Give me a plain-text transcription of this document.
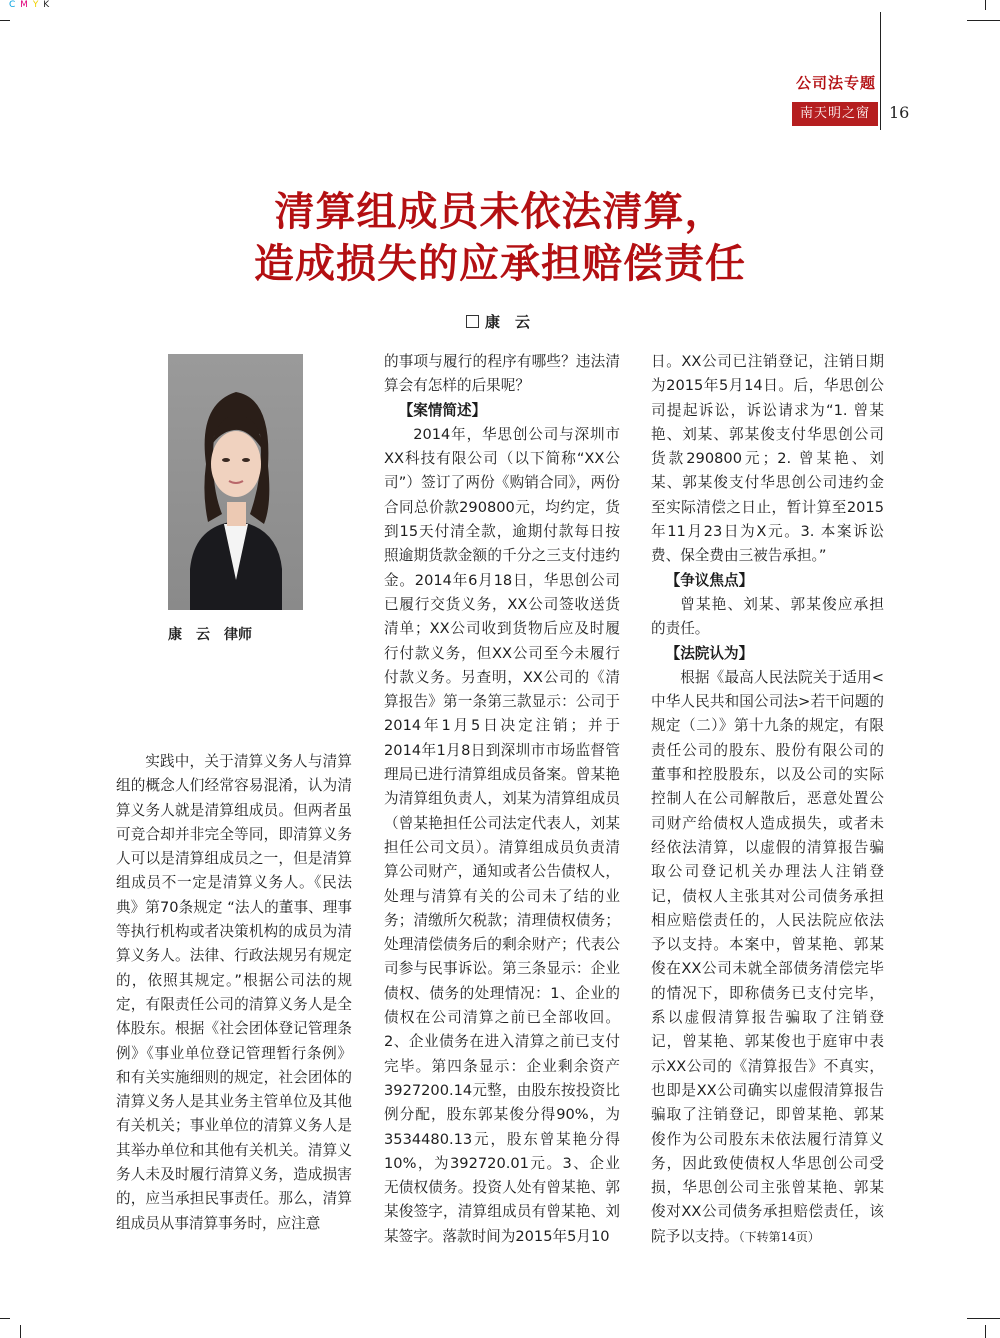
C M Y K
公司法专题
南天明之窗	16
清算组成员未依法清算，
造成损失的应承担赔偿责任
康　云
康　云　律师

实践中，关于清算义务人与清算组的概念人们经常容易混淆，认为清算义务人就是清算组成员。但两者虽可竞合却并非完全等同，即清算义务人可以是清算组成员之一，但是清算组成员不一定是清算义务人。《民法典》第70条规定 “法人的董事、理事等执行机构或者决策机构的成员为清算义务人。法律、行政法规另有规定的，依照其规定。”根据公司法的规定，有限责任公司的清算义务人是全体股东。根据《社会团体登记管理条例》《事业单位登记管理暂行条例》和有关实施细则的规定，社会团体的清算义务人是其业务主管单位及其他有关机关；事业单位的清算义务人是其举办单位和其他有关机关。清算义务人未及时履行清算义务，造成损害的，应当承担民事责任。那么，清算组成员从事清算事务时，应注意

的事项与履行的程序有哪些？违法清算会有怎样的后果呢？

【案情简述】

2014年，华思创公司与深圳市XX科技有限公司（以下简称“XX公司”）签订了两份《购销合同》，两份合同总价款290800元，均约定，货到15天付清全款，逾期付款每日按照逾期货款金额的千分之三支付违约金。2014年6月18日，华思创公司已履行交货义务，XX公司签收送货清单；XX公司收到货物后应及时履行付款义务，但XX公司至今未履行付款义务。另查明，XX公司的《清算报告》第一条第三款显示：公司于2014年1月5日决定注销；并于2014年1月8日到深圳市市场监督管理局已进行清算组成员备案。曾某艳为清算组负责人，刘某为清算组成员（曾某艳担任公司法定代表人，刘某担任公司文员）。清算组成员负责清算公司财产，通知或者公告债权人，处理与清算有关的公司未了结的业务；清缴所欠税款；清理债权债务；处理清偿债务后的剩余财产；代表公司参与民事诉讼。第三条显示：企业债权、债务的处理情况：1、企业的债权在公司清算之前已全部收回。2、企业债务在进入清算之前已支付完毕。第四条显示：企业剩余资产3927200.14元整，由股东按投资比例分配，股东郭某俊分得90%，为3534480.13元，股东曾某艳分得10%，为392720.01元。3、企业无债权债务。投资人处有曾某艳、郭某俊签字，清算组成员有曾某艳、刘某签字。落款时间为2015年5月10

日。XX公司已注销登记，注销日期为2015年5月14日。后，华思创公司提起诉讼，诉讼请求为“1. 曾某艳、刘某、郭某俊支付华思创公司货款290800元；2. 曾某艳、刘某、郭某俊支付华思创公司违约金至实际清偿之日止，暂计算至2015年11月23日为X元。3. 本案诉讼费、保全费由三被告承担。”

【争议焦点】

曾某艳、刘某、郭某俊应承担的责任。

【法院认为】

根据《最高人民法院关于适用<中华人民共和国公司法>若干问题的规定（二）》第十九条的规定，有限责任公司的股东、股份有限公司的董事和控股股东，以及公司的实际控制人在公司解散后，恶意处置公司财产给债权人造成损失，或者未经依法清算，以虚假的清算报告骗取公司登记机关办理法人注销登记，债权人主张其对公司债务承担相应赔偿责任的，人民法院应依法予以支持。本案中，曾某艳、郭某俊在XX公司未就全部债务清偿完毕的情况下，即称债务已支付完毕，系以虚假清算报告骗取了注销登记，曾某艳、郭某俊也于庭审中表示XX公司的《清算报告》不真实，也即是XX公司确实以虚假清算报告骗取了注销登记，即曾某艳、郭某俊作为公司股东未依法履行清算义务，因此致使债权人华思创公司受损，华思创公司主张曾某艳、郭某俊对XX公司债务承担赔偿责任，该院予以支持。（下转第14页）
